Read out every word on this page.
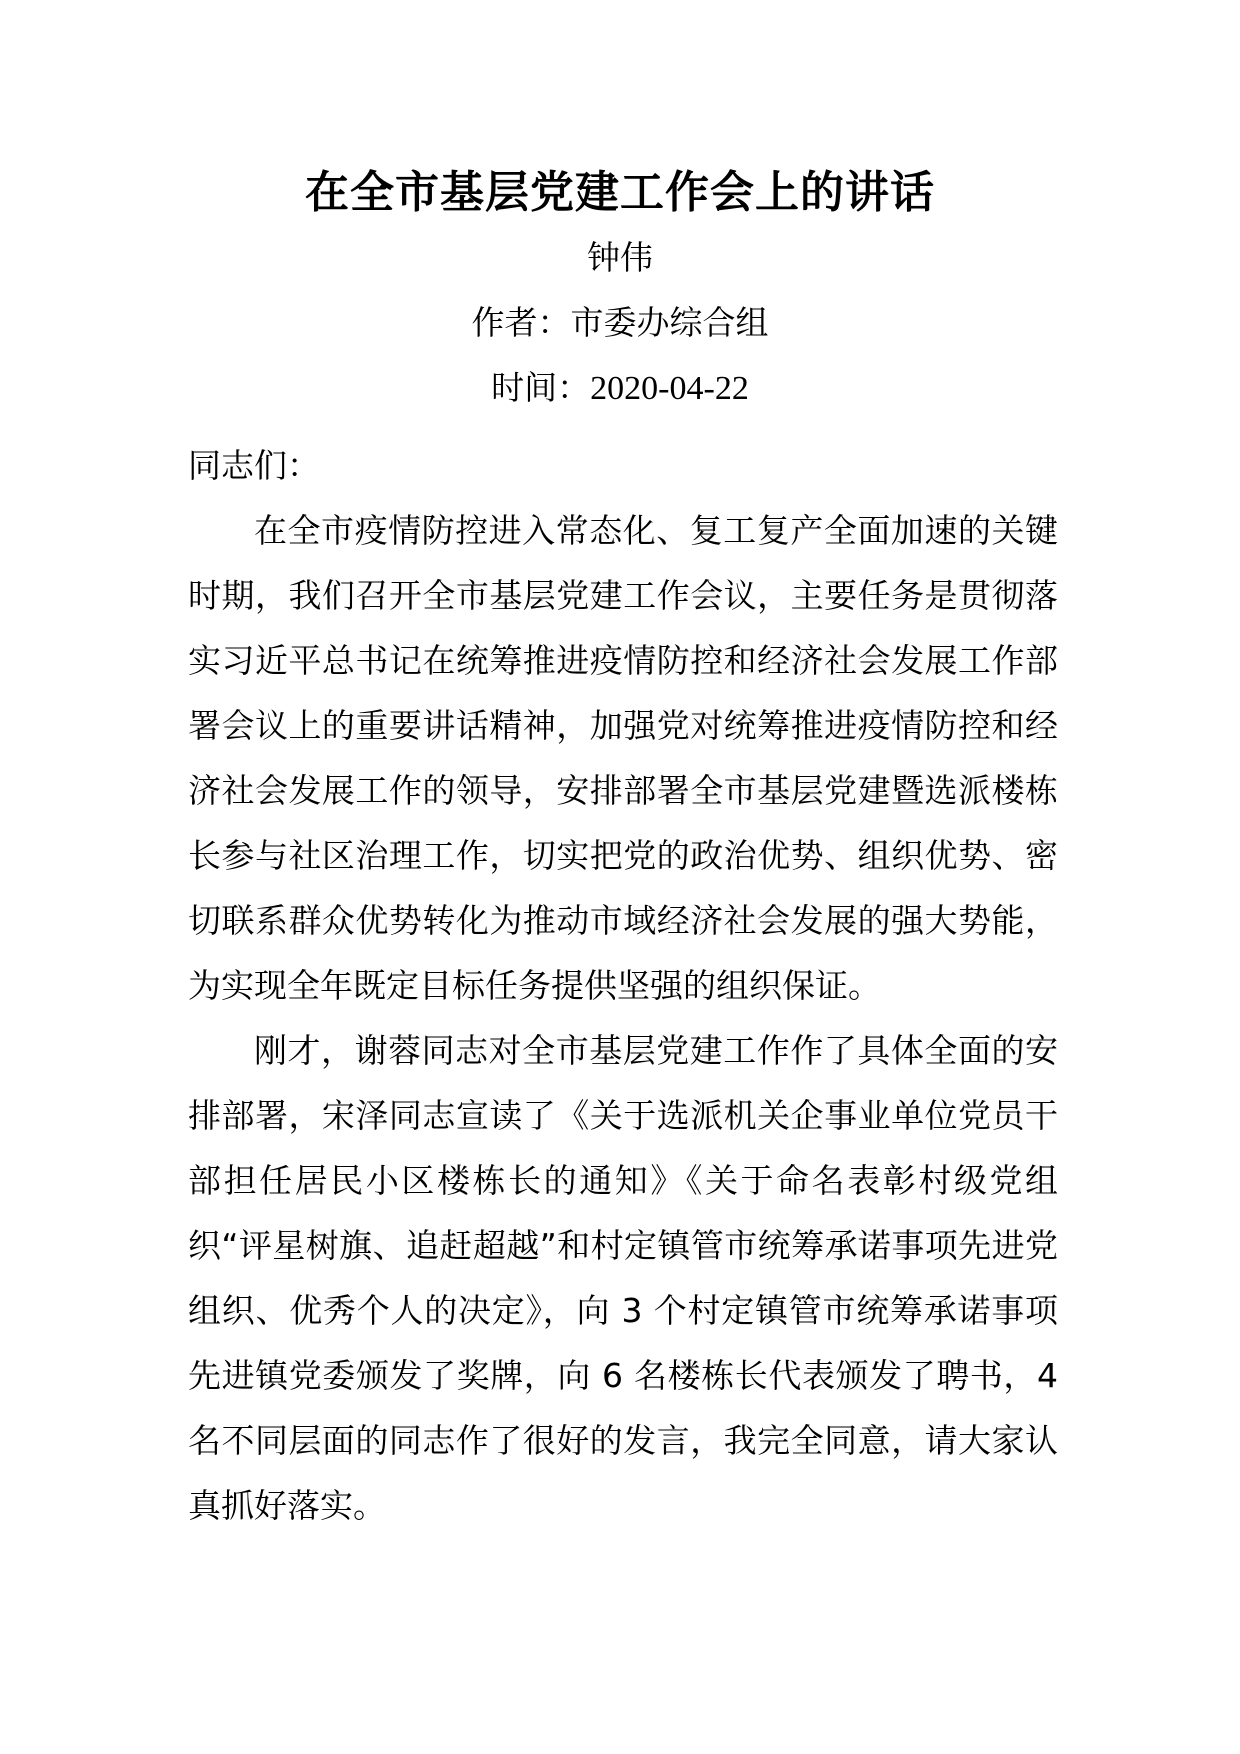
在全市基层党建工作会上的讲话
钟伟
作者：市委办综合组
时间：2020-04-22

同志们：

在全市疫情防控进入常态化、复工复产全面加速的关键时期，我们召开全市基层党建工作会议，主要任务是贯彻落实习近平总书记在统筹推进疫情防控和经济社会发展工作部署会议上的重要讲话精神，加强党对统筹推进疫情防控和经济社会发展工作的领导，安排部署全市基层党建暨选派楼栋长参与社区治理工作，切实把党的政治优势、组织优势、密切联系群众优势转化为推动市域经济社会发展的强大势能，为实现全年既定目标任务提供坚强的组织保证。

刚才，谢蓉同志对全市基层党建工作作了具体全面的安排部署，宋泽同志宣读了《关于选派机关企事业单位党员干部担任居民小区楼栋长的通知》《关于命名表彰村级党组织“评星树旗、追赶超越”和村定镇管市统筹承诺事项先进党组织、优秀个人的决定》，向 3 个村定镇管市统筹承诺事项先进镇党委颁发了奖牌，向 6 名楼栋长代表颁发了聘书，4 名不同层面的同志作了很好的发言，我完全同意，请大家认真抓好落实。
